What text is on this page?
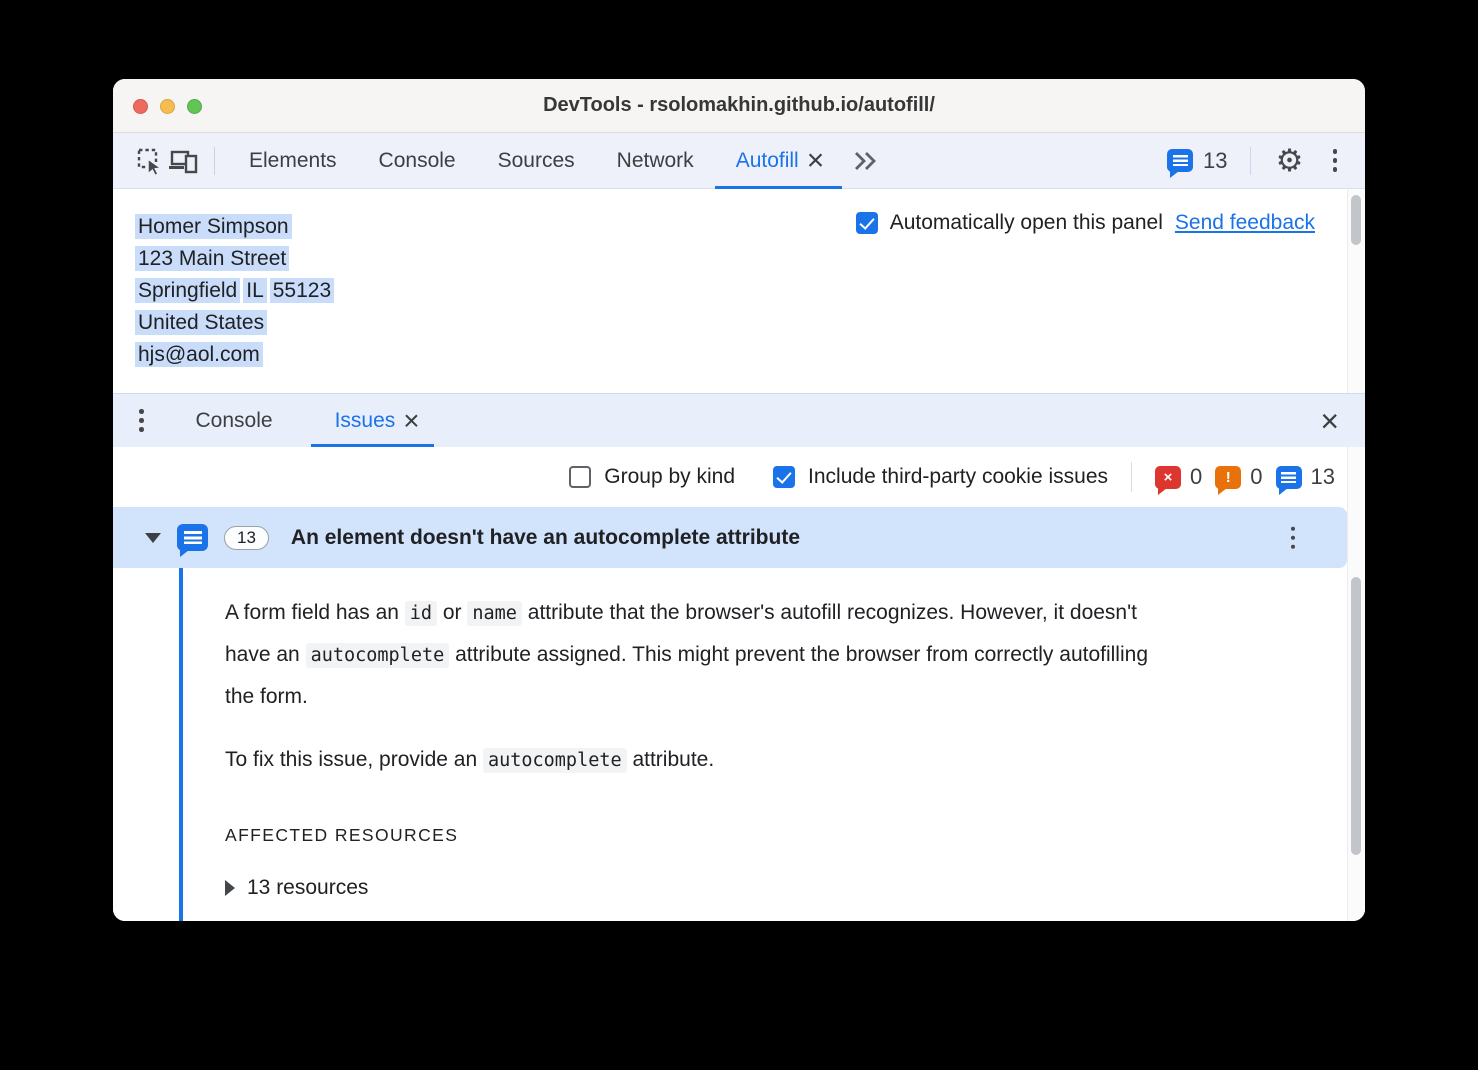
DevTools - rsolomakhin.github.io/autofill/
Elements	Console	Sources	Network	Autofill ×	13 ⚙
Homer Simpson
123 Main Street
Springfield IL 55123
United States
hjs@aol.com
Automatically open this panel Send feedback
Console	Issues ×	×
Group by kind	Include third-party cookie issues	× 0 ! 0 13
13	An element doesn't have an autocomplete attribute

A form field has an id or name attribute that the browser's autofill recognizes. However, it doesn't have an autocomplete attribute assigned. This might prevent the browser from correctly autofilling the form.

To fix this issue, provide an autocomplete attribute.

AFFECTED RESOURCES
13 resources
